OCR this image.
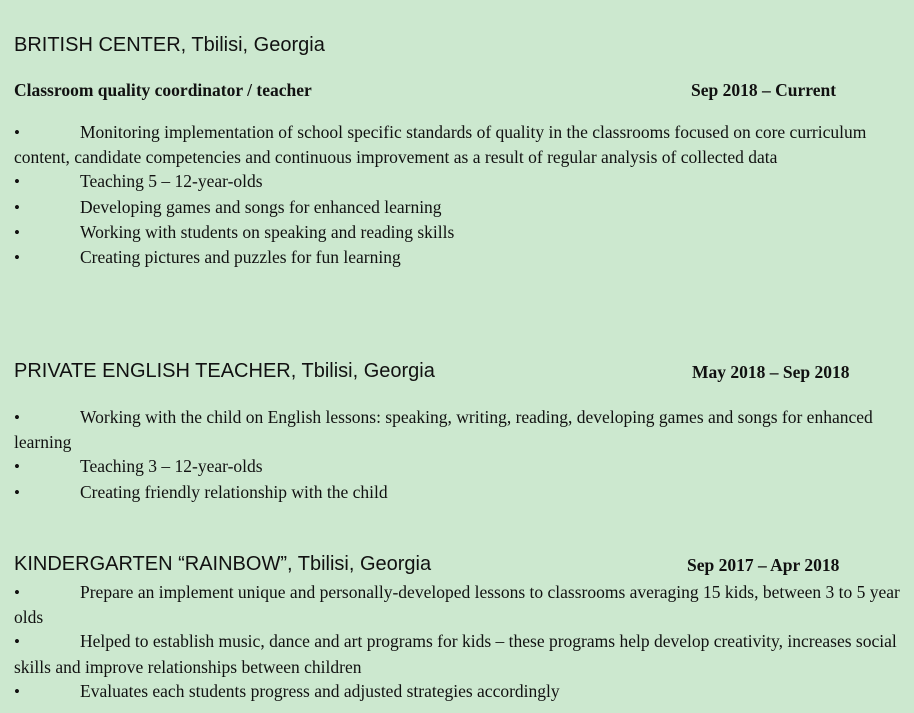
BRITISH CENTER, Tbilisi, Georgia
Classroom quality coordinator / teacher	Sep 2018 – Current
•	Monitoring implementation of school specific standards of quality in the classrooms focused on core curriculum content, candidate competencies and continuous improvement as a result of regular analysis of collected data
•	Teaching 5 – 12-year-olds
•	Developing games and songs for enhanced learning
•	Working with students on speaking and reading skills
•	Creating pictures and puzzles for fun learning
PRIVATE ENGLISH TEACHER, Tbilisi, Georgia	May 2018 – Sep 2018
•	Working with the child on English lessons: speaking, writing, reading, developing games and songs for enhanced learning
•	Teaching 3 – 12-year-olds
•	Creating friendly relationship with the child
KINDERGARTEN “RAINBOW”, Tbilisi, Georgia	Sep 2017 – Apr 2018
•	Prepare an implement unique and personally-developed lessons to classrooms averaging 15 kids, between 3 to 5 year olds
•	Helped to establish music, dance and art programs for kids – these programs help develop creativity, increases social skills and improve relationships between children
•	Evaluates each students progress and adjusted strategies accordingly
